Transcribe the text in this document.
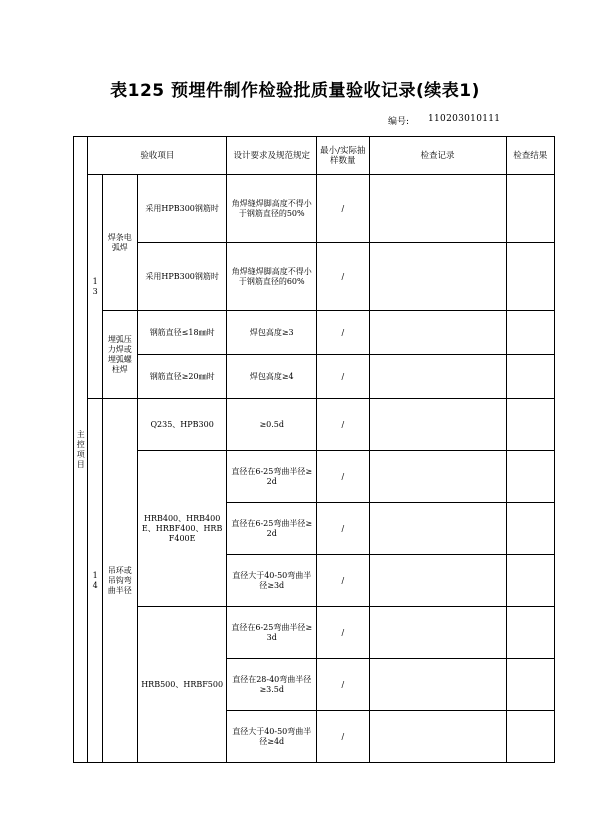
表125 预埋件制作检验批质量验收记录(续表1)
编号: 110203010111
主控项目	验收项目			设计要求及规范规定	最小/实际抽样数量	检查记录	检查结果
	13	焊条电弧焊	采用HPB300钢筋时	角焊缝焊脚高度不得小于钢筋直径的50%	/		
			采用HPB300钢筋时	角焊缝焊脚高度不得小于钢筋直径的60%	/		
		埋弧压力焊或埋弧螺柱焊	钢筋直径≤18㎜时	焊包高度≥3	/		
			钢筋直径≥20㎜时	焊包高度≥4	/		
	14	吊环或吊钩弯曲半径	Q235、HPB300	≥0.5d	/		
			HRB400、HRB400E、HRBF400、HRBF400E	直径在6-25弯曲半径≥2d	/		
				直径在6-25弯曲半径≥2d	/		
				直径大于40-50弯曲半径≥3d	/		
			HRB500、HRBF500	直径在6-25弯曲半径≥3d	/		
				直径在28-40弯曲半径≥3.5d	/		
				直径大于40-50弯曲半径≥4d	/		
